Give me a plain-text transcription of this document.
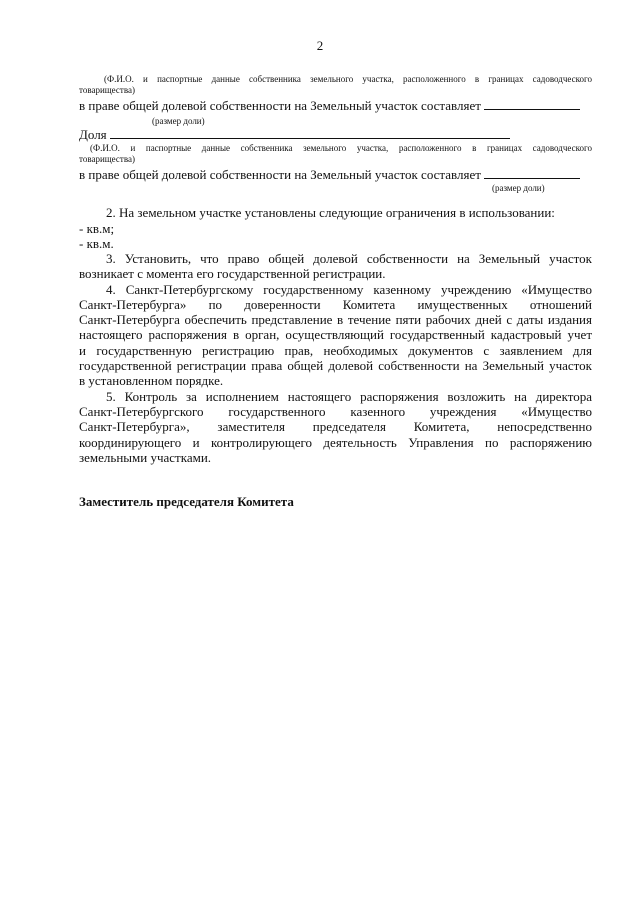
2
(Ф.И.О. и паспортные данные собственника земельного участка, расположенного в границах садоводческого
товарищества)
в праве общей долевой собственности на Земельный участок составляет
(размер доли)
Доля
(Ф.И.О. и паспортные данные собственника земельного участка, расположенного в границах садоводческого
товарищества)
в праве общей долевой собственности на Земельный участок составляет
(размер доли)
2. На земельном участке установлены следующие ограничения в использовании:
- кв.м;
- кв.м.
3. Установить, что право общей долевой собственности на Земельный участок
возникает с момента его государственной регистрации.
4. Санкт-Петербургскому государственному казенному учреждению «Имущество
Санкт-Петербурга» по доверенности Комитета имущественных отношений
Санкт-Петербурга обеспечить представление в течение пяти рабочих дней с даты издания
настоящего распоряжения в орган, осуществляющий государственный кадастровый учет
и государственную регистрацию прав, необходимых документов с заявлением для
государственной регистрации права общей долевой собственности на Земельный участок
в установленном порядке.
5. Контроль за исполнением настоящего распоряжения возложить на директора
Санкт-Петербургского государственного казенного учреждения «Имущество
Санкт-Петербурга», заместителя председателя Комитета, непосредственно
координирующего и контролирующего деятельность Управления по распоряжению
земельными участками.
Заместитель председателя Комитета
